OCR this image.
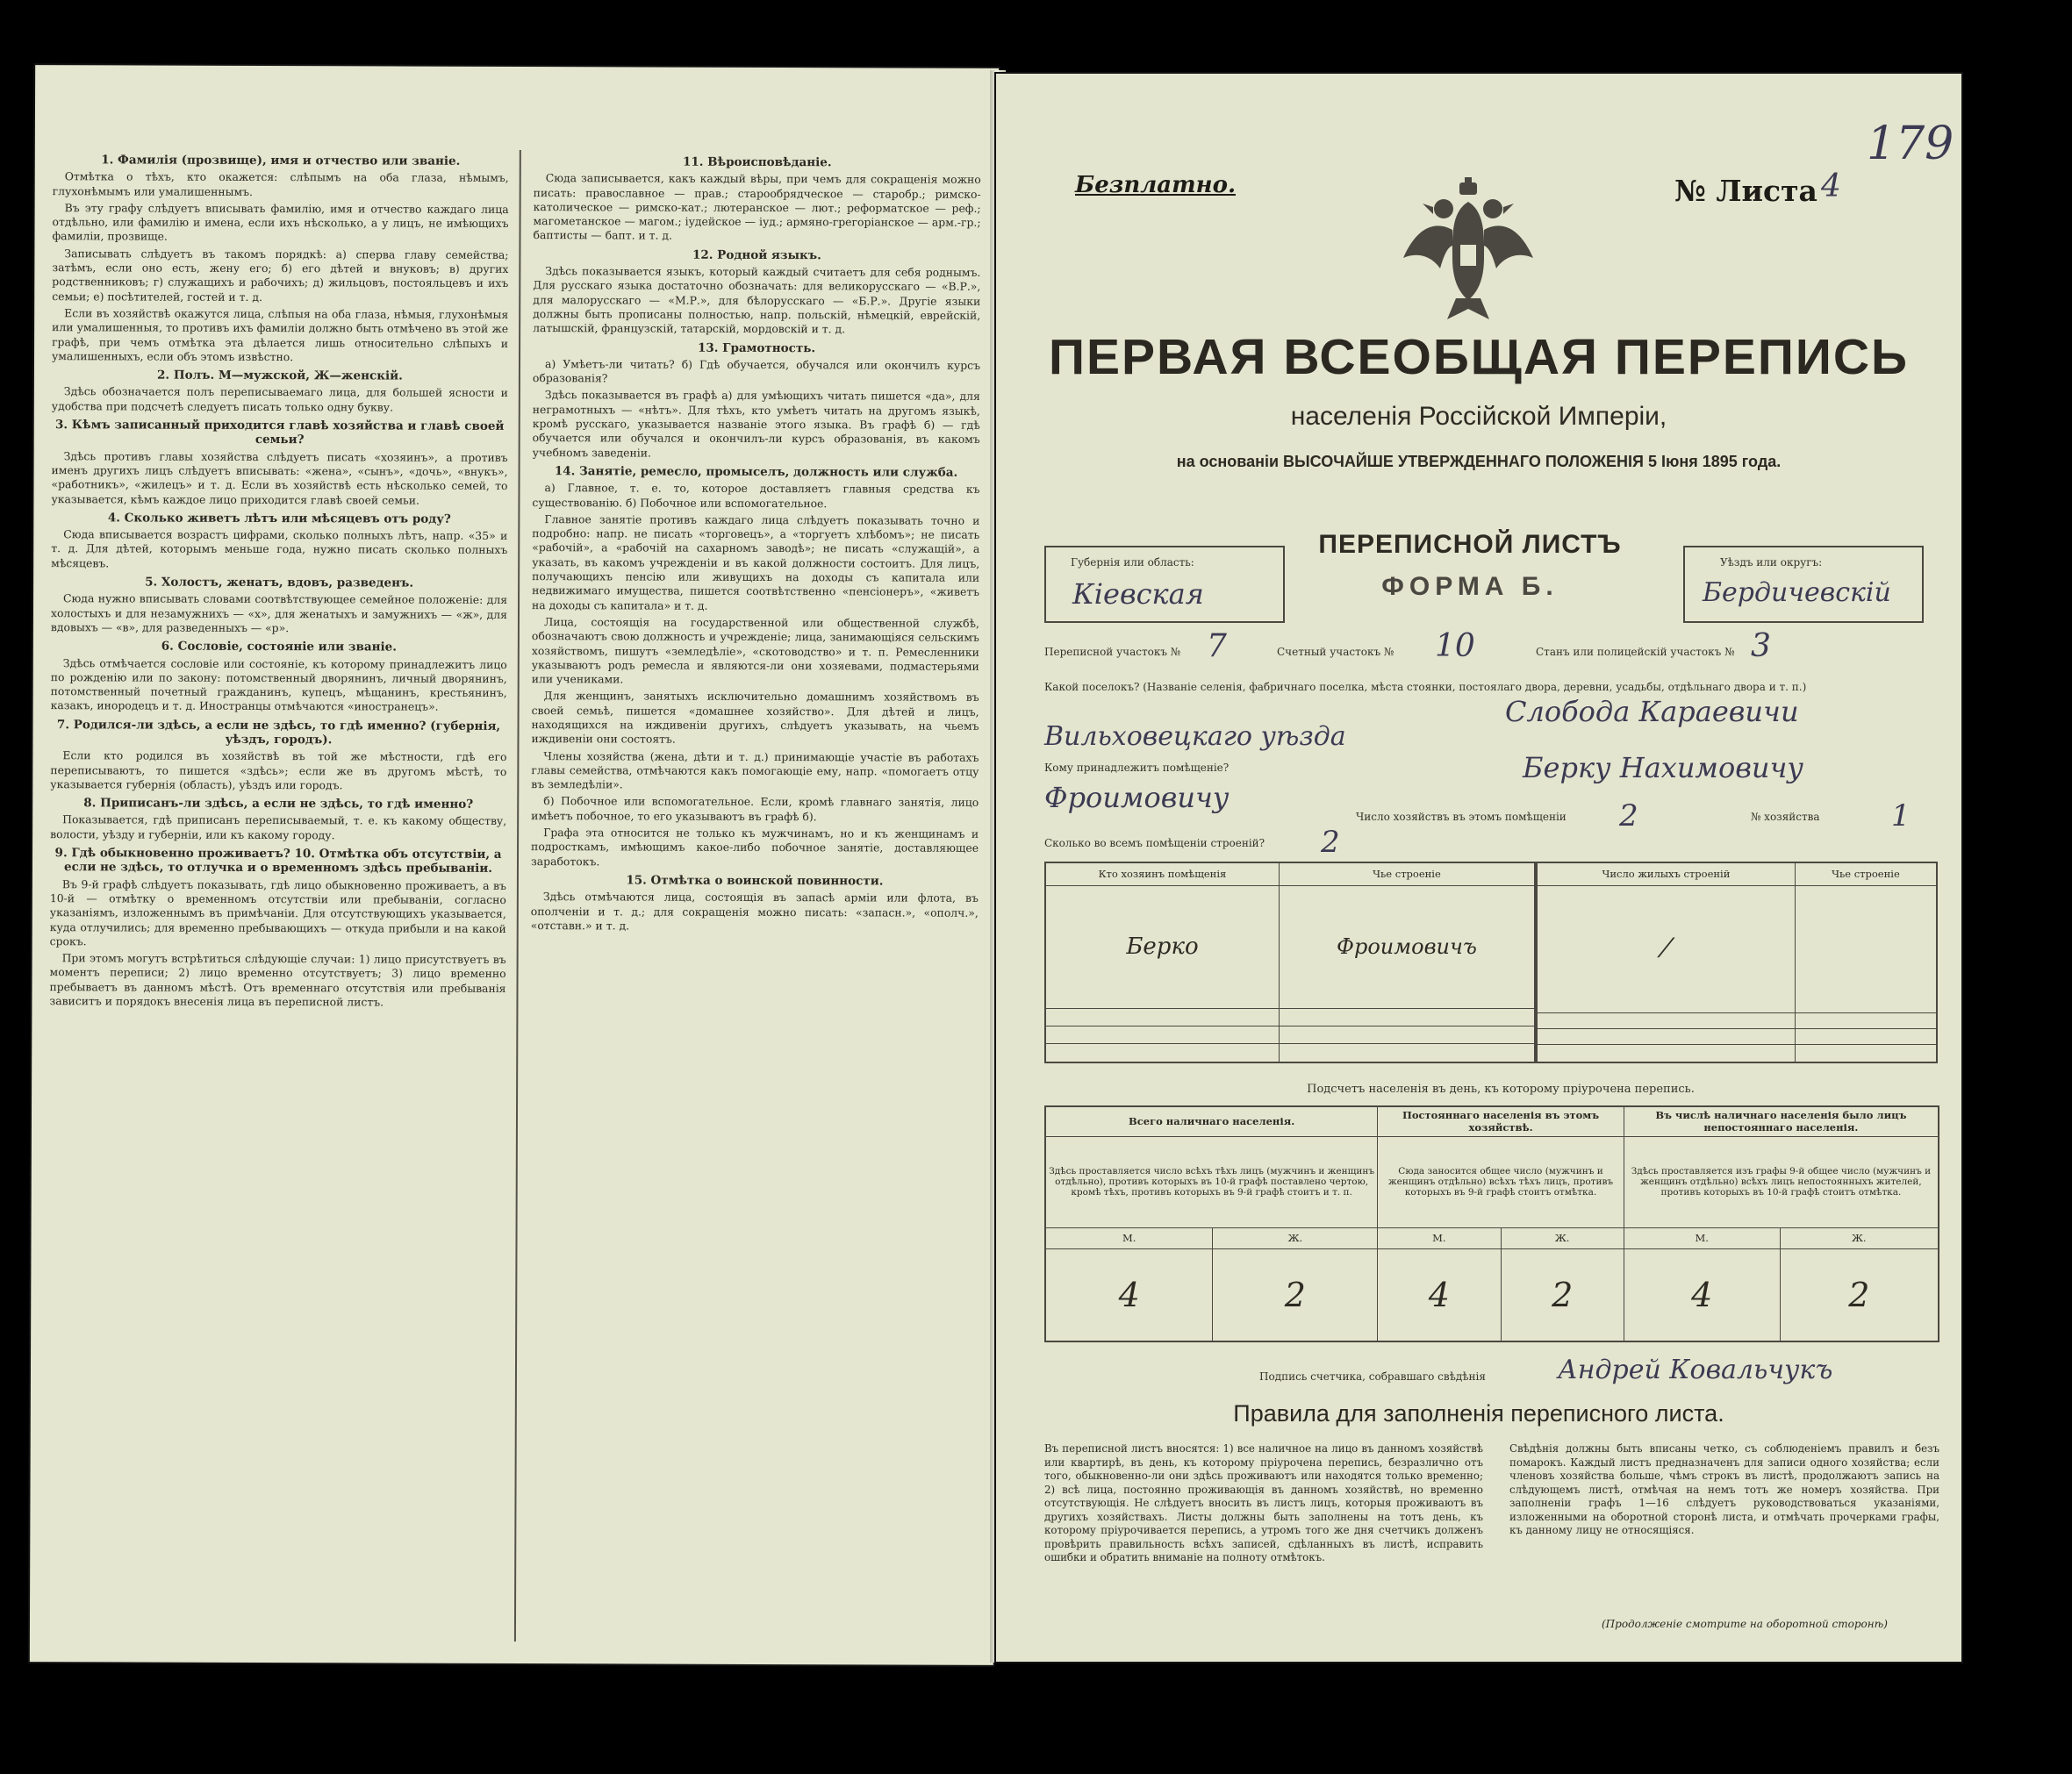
1. Фамилія (прозвище), имя и отчество или званіе.
Отмѣтка о тѣхъ, кто окажется: слѣпымъ на оба глаза, нѣмымъ, глухонѣмымъ или умалишеннымъ.
Въ эту графу слѣдуетъ вписывать фамилію, имя и отчество каждаго лица отдѣльно, или фамилію и имена, если ихъ нѣсколько, а у лицъ, не имѣющихъ фамиліи, прозвище.
Записывать слѣдуетъ въ такомъ порядкѣ: а) сперва главу семейства; затѣмъ, если оно есть, жену его; б) его дѣтей и внуковъ; в) других родственниковъ; г) служащихъ и рабочихъ; д) жильцовъ, постояльцевъ и ихъ семьи; е) посѣтителей, гостей и т. д.
Если въ хозяйствѣ окажутся лица, слѣпыя на оба глаза, нѣмыя, глухонѣмыя или умалишенныя, то противъ ихъ фамиліи должно быть отмѣчено въ этой же графѣ, при чемъ отмѣтка эта дѣлается лишь относительно слѣпыхъ и умалишенныхъ, если объ этомъ извѣстно.
2. Полъ. М—мужской, Ж—женскій.
Здѣсь обозначается полъ переписываемаго лица, для большей ясности и удобства при подсчетѣ следуетъ писать только одну букву.
3. Кѣмъ записанный приходится главѣ хозяйства и главѣ своей семьи?
Здѣсь противъ главы хозяйства слѣдуетъ писать «хозяинъ», а противъ именъ другихъ лицъ слѣдуетъ вписывать: «жена», «сынъ», «дочь», «внукъ», «работникъ», «жилецъ» и т. д. Если въ хозяйствѣ есть нѣсколько семей, то указывается, кѣмъ каждое лицо приходится главѣ своей семьи.
4. Сколько живетъ лѣтъ или мѣсяцевъ отъ роду?
Сюда вписывается возрастъ цифрами, сколько полныхъ лѣтъ, напр. «35» и т. д. Для дѣтей, которымъ меньше года, нужно писать сколько полныхъ мѣсяцевъ.
5. Холостъ, женатъ, вдовъ, разведенъ.
Сюда нужно вписывать словами соотвѣтствующее семейное положеніе: для холостыхъ и для незамужнихъ — «х», для женатыхъ и замужнихъ — «ж», для вдовыхъ — «в», для разведенныхъ — «р».
6. Сословіе, состояніе или званіе.
Здѣсь отмѣчается сословіе или состояніе, къ которому принадлежитъ лицо по рожденію или по закону: потомственный дворянинъ, личный дворянинъ, потомственный почетный гражданинъ, купецъ, мѣщанинъ, крестьянинъ, казакъ, инородецъ и т. д. Иностранцы отмѣчаются «иностранецъ».
7. Родился-ли здѣсь, а если не здѣсь, то гдѣ именно? (губернія, уѣздъ, городъ).
Если кто родился въ хозяйствѣ въ той же мѣстности, гдѣ его переписываютъ, то пишется «здѣсь»; если же въ другомъ мѣстѣ, то указывается губернія (область), уѣздъ или городъ.
8. Приписанъ-ли здѣсь, а если не здѣсь, то гдѣ именно?
Показывается, гдѣ приписанъ переписываемый, т. е. къ какому обществу, волости, уѣзду и губерніи, или къ какому городу.
9. Гдѣ обыкновенно проживаетъ? 10. Отмѣтка объ отсутствіи, а если не здѣсь, то отлучка и о временномъ здѣсь пребываніи.
Въ 9-й графѣ слѣдуетъ показывать, гдѣ лицо обыкновенно проживаетъ, а въ 10-й — отмѣтку о временномъ отсутствіи или пребываніи, согласно указаніямъ, изложеннымъ въ примѣчаніи. Для отсутствующихъ указывается, куда отлучились; для временно пребывающихъ — откуда прибыли и на какой срокъ.
При этомъ могутъ встрѣтиться слѣдующіе случаи: 1) лицо присутствуетъ въ моментъ переписи; 2) лицо временно отсутствуетъ; 3) лицо временно пребываетъ въ данномъ мѣстѣ. Отъ временнаго отсутствія или пребыванія зависитъ и порядокъ внесенія лица въ переписной листъ.
11. Вѣроисповѣданіе.
Сюда записывается, какъ каждый вѣры, при чемъ для сокращенія можно писать: православное — прав.; старообрядческое — старобр.; римско-католическое — римско-кат.; лютеранское — лют.; реформатское — реф.; магометанское — магом.; іудейское — іуд.; армяно-грегоріанское — арм.-гр.; баптисты — бапт. и т. д.
12. Родной языкъ.
Здѣсь показывается языкъ, который каждый считаетъ для себя роднымъ. Для русскаго языка достаточно обозначать: для великорусскаго — «В.Р.», для малорусскаго — «М.Р.», для бѣлорусскаго — «Б.Р.». Другіе языки должны быть прописаны полностью, напр. польскій, нѣмецкій, еврейскій, латышскій, французскій, татарскій, мордовскій и т. д.
13. Грамотность.
а) Умѣетъ-ли читать? б) Гдѣ обучается, обучался или окончилъ курсъ образованія?
Здѣсь показывается въ графѣ а) для умѣющихъ читать пишется «да», для неграмотныхъ — «нѣтъ». Для тѣхъ, кто умѣетъ читать на другомъ языкѣ, кромѣ русскаго, указывается названіе этого языка. Въ графѣ б) — гдѣ обучается или обучался и окончилъ-ли курсъ образованія, въ какомъ учебномъ заведеніи.
14. Занятіе, ремесло, промыселъ, должность или служба.
а) Главное, т. е. то, которое доставляетъ главныя средства къ существованію. б) Побочное или вспомогательное.
Главное занятіе противъ каждаго лица слѣдуетъ показывать точно и подробно: напр. не писать «торговецъ», а «торгуетъ хлѣбомъ»; не писать «рабочій», а «рабочій на сахарномъ заводѣ»; не писать «служащій», а указать, въ какомъ учрежденіи и въ какой должности состоитъ. Для лицъ, получающихъ пенсію или живущихъ на доходы съ капитала или недвижимаго имущества, пишется соотвѣтственно «пенсіонеръ», «живетъ на доходы съ капитала» и т. д.
Лица, состоящія на государственной или общественной службѣ, обозначаютъ свою должность и учрежденіе; лица, занимающіяся сельскимъ хозяйствомъ, пишутъ «земледѣліе», «скотоводство» и т. п. Ремесленники указываютъ родъ ремесла и являются-ли они хозяевами, подмастерьями или учениками.
Для женщинъ, занятыхъ исключительно домашнимъ хозяйствомъ въ своей семьѣ, пишется «домашнее хозяйство». Для дѣтей и лицъ, находящихся на иждивеніи другихъ, слѣдуетъ указывать, на чьемъ иждивеніи они состоятъ.
Члены хозяйства (жена, дѣти и т. д.) принимающіе участіе въ работахъ главы семейства, отмѣчаются какъ помогающіе ему, напр. «помогаетъ отцу въ земледѣліи».
б) Побочное или вспомогательное. Если, кромѣ главнаго занятія, лицо имѣетъ побочное, то его указываютъ въ графѣ б).
Графа эта относится не только къ мужчинамъ, но и къ женщинамъ и подросткамъ, имѣющимъ какое-либо побочное занятіе, доставляющее заработокъ.
15. Отмѣтка о воинской повинности.
Здѣсь отмѣчаются лица, состоящія въ запасѣ арміи или флота, въ ополченіи и т. д.; для сокращенія можно писать: «запасн.», «ополч.», «отставн.» и т. д.
179
Безплатно.	№ Листа 4
ПЕРВАЯ ВСЕОБЩАЯ ПЕРЕПИСЬ
населенія Россійской Имперіи,
на основаніи ВЫСОЧАЙШЕ УТВЕРЖДЕННАГО ПОЛОЖЕНІЯ 5 Іюня 1895 года.
Губернія или область:
Кіевская
ПЕРЕПИСНОЙ ЛИСТЪ
ФОРМА Б.
Уѣздъ или округъ:
Бердичевскій
Переписной участокъ № 7	Счетный участокъ № 10	Станъ или полицейскій участокъ № 3
Какой поселокъ? (Названіе селенія, фабричнаго поселка, мѣста стоянки, постоялаго двора, деревни, усадьбы, отдѣльнаго двора и т. п.)
Слобода Караевичи
Вильховецкаго уѣзда
Кому принадлежитъ помѣщеніе?	Берку Нахимовичу
Фроимовичу
Число хозяйствъ въ этомъ помѣщеніи 2	№ хозяйства 1
Сколько во всемъ помѣщеніи строеній? 2
Кто хозяинъ помѣщенія	Чье строеніе
Берко	Фроимовичъ

Число жилыхъ строеній	Чье строеніе
⁄	

Подсчетъ населенія въ день, къ которому пріурочена перепись.
Всего наличнаго населенія.		Постояннаго населенія въ этомъ хозяйствѣ.		Въ числѣ наличнаго населенія было лицъ непостояннаго населенія.	
Здѣсь проставляется число всѣхъ тѣхъ лицъ (мужчинъ и женщинъ отдѣльно), противъ которыхъ въ 10-й графѣ поставлено чертою, кромѣ тѣхъ, противъ которыхъ въ 9-й графѣ стоитъ и т. п.		Сюда заносится общее число (мужчинъ и женщинъ отдѣльно) всѣхъ тѣхъ лицъ, противъ которыхъ въ 9-й графѣ стоитъ отмѣтка.		Здѣсь проставляется изъ графы 9-й общее число (мужчинъ и женщинъ отдѣльно) всѣхъ лицъ непостоянныхъ жителей, противъ которыхъ въ 10-й графѣ стоитъ отмѣтка.	
М.	Ж.	М.	Ж.	М.	Ж.
4	2	4	2	4	2
Подпись счетчика, собравшаго свѣдѣнія	Андрей Ковальчукъ
Правила для заполненія переписного листа.
Въ переписной листъ вносятся: 1) все наличное на лицо въ данномъ хозяйствѣ или квартирѣ, въ день, къ которому пріурочена перепись, безразлично отъ того, обыкновенно-ли они здѣсь проживаютъ или находятся только временно; 2) всѣ лица, постоянно проживающія въ данномъ хозяйствѣ, но временно отсутствующія. Не слѣдуетъ вносить въ листъ лицъ, которыя проживаютъ въ другихъ хозяйствахъ. Листы должны быть заполнены на тотъ день, къ которому пріурочивается перепись, а утромъ того же дня счетчикъ долженъ провѣрить правильность всѣхъ записей, сдѣланныхъ въ листѣ, исправить ошибки и обратить вниманіе на полноту отмѣтокъ.
Свѣдѣнія должны быть вписаны четко, съ соблюденіемъ правилъ и безъ помарокъ. Каждый листъ предназначенъ для записи одного хозяйства; если членовъ хозяйства больше, чѣмъ строкъ въ листѣ, продолжаютъ запись на слѣдующемъ листѣ, отмѣчая на немъ тотъ же номеръ хозяйства. При заполненіи графъ 1—16 слѣдуетъ руководствоваться указаніями, изложенными на оборотной сторонѣ листа, и отмѣчать прочерками графы, къ данному лицу не относящіяся.
(Продолженіе смотрите на оборотной сторонѣ)
